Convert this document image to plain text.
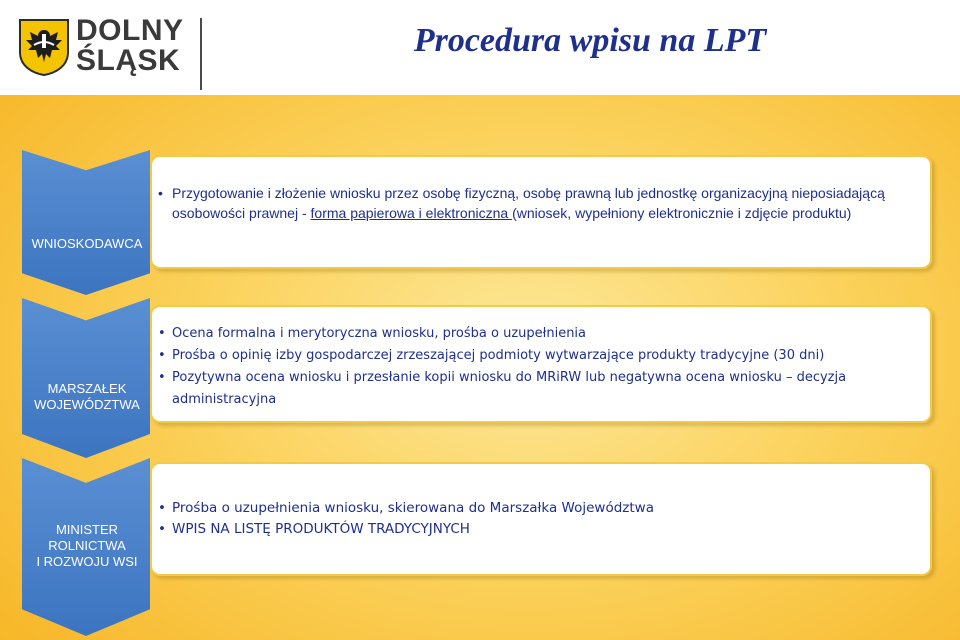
DOLNY
ŚLĄSK
Procedura wpisu na LPT
WNIOSKODAWCA
• Przygotowanie i złożenie wniosku przez osobę fizyczną, osobę prawną lub jednostkę organizacyjną nieposiadającą osobowości prawnej - forma papierowa i elektroniczna (wniosek, wypełniony elektronicznie i zdjęcie produktu)
MARSZAŁEK
WOJEWÓDZTWA
• Ocena formalna i merytoryczna wniosku, prośba o uzupełnienia
• Prośba o opinię izby gospodarczej zrzeszającej podmioty wytwarzające produkty tradycyjne (30 dni)
• Pozytywna ocena wniosku i przesłanie kopii wniosku do MRiRW lub negatywna ocena wniosku – decyzja administracyjna
MINISTER
ROLNICTWA
I ROZWOJU WSI
• Prośba o uzupełnienia wniosku, skierowana do Marszałka Województwa
• WPIS NA LISTĘ PRODUKTÓW TRADYCYJNYCH
